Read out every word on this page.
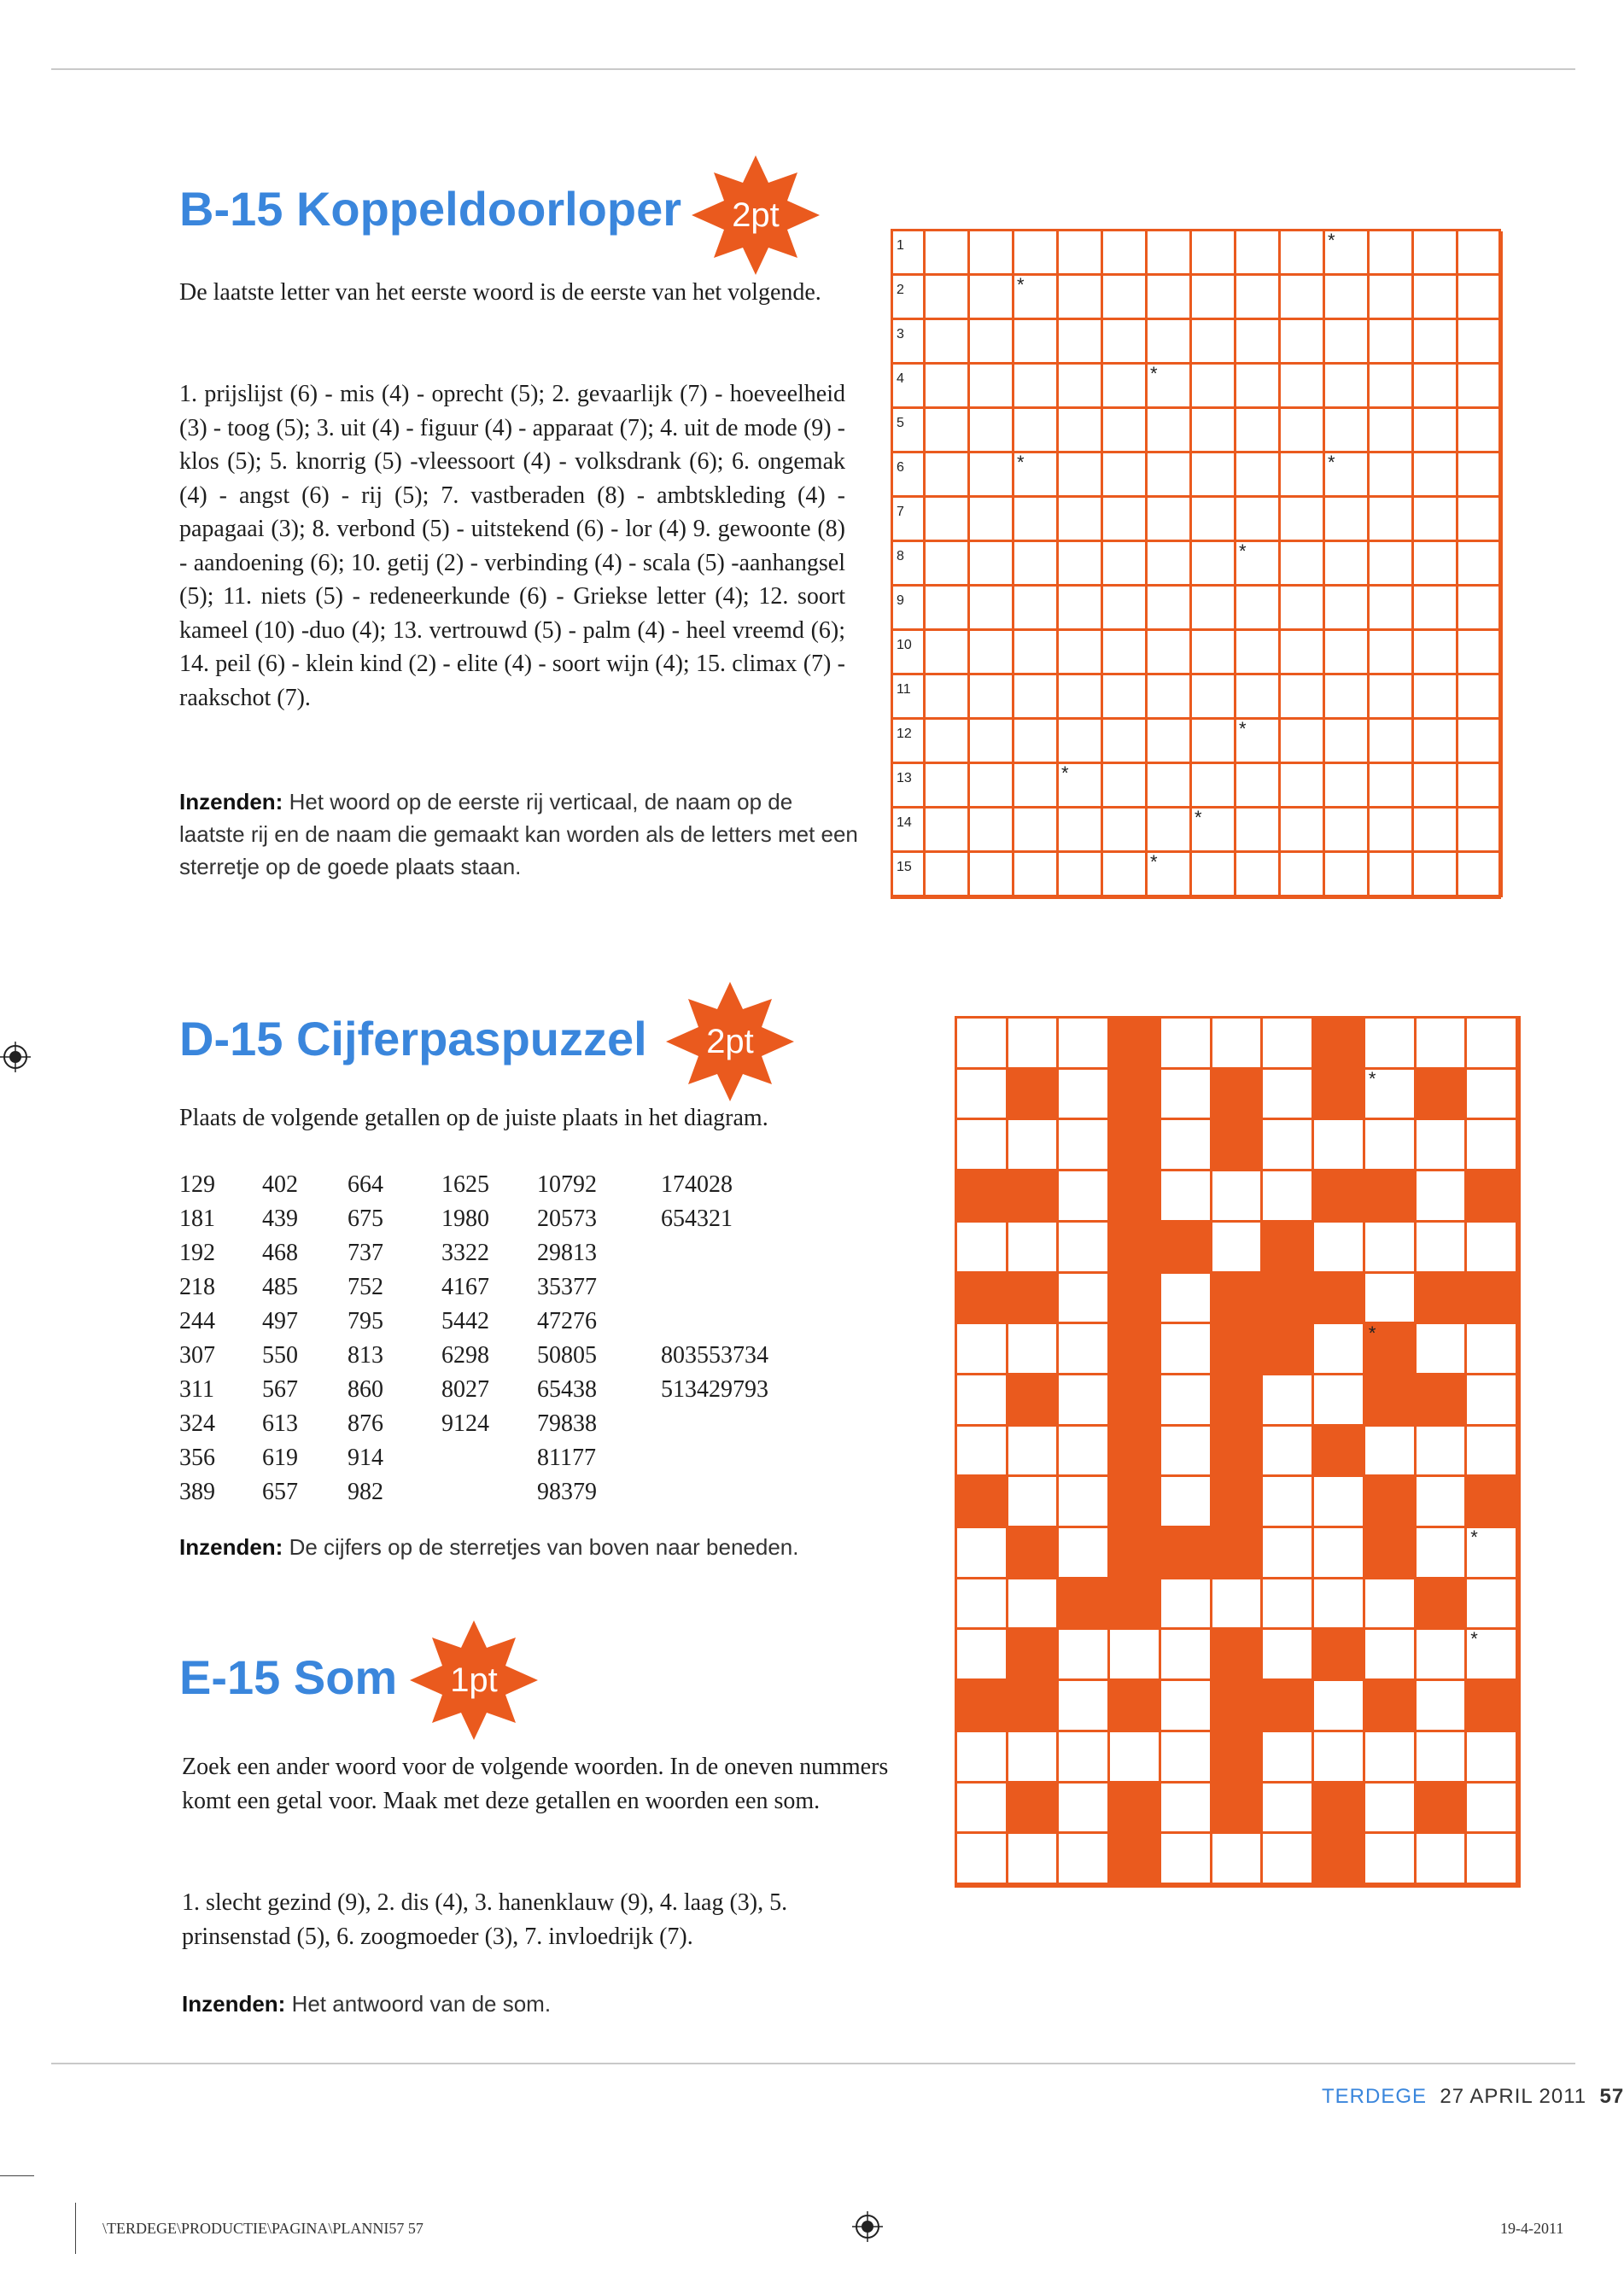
B-15 Koppeldoorloper	2pt

De laatste letter van het eerste woord is de eerste van het volgende.

1. prijslijst (6) - mis (4) - oprecht (5); 2. gevaarlijk (7) - hoeveelheid (3) - toog (5); 3. uit (4) - figuur (4) - apparaat (7); 4. uit de mode (9) - klos (5); 5. knorrig (5) -vleessoort (4) - volksdrank (6); 6. ongemak (4) - angst (6) - rij (5); 7. vastberaden (8) - ambtskleding (4) - papagaai (3); 8. verbond (5) - uitstekend (6) - lor (4) 9. gewoonte (8) - aandoening (6); 10. getij (2) - verbinding (4) - scala (5) -aanhangsel (5); 11. niets (5) - redeneerkunde (6) - Griekse letter (4); 12. soort kameel (10) -duo (4); 13. vertrouwd (5) - palm (4) - heel vreemd (6); 14. peil (6) - klein kind (2) - elite (4) - soort wijn (4); 15. climax (7) - raakschot (7).

Inzenden: Het woord op de eerste rij verticaal, de naam op de laatste rij en de naam die gemaakt kan worden als de letters met een sterretje op de goede plaats staan.

1	*
2	*
3
4	*
5
6	*	*
7
8	*
9
10
11
12	*
13	*
14	*
15	*
D-15 Cijferpaspuzzel	2pt

Plaats de volgende getallen op de juiste plaats in het diagram.

129	402	664	1625	10792	174028
181	439	675	1980	20573	654321
192	468	737	3322	29813	
218	485	752	4167	35377	
244	497	795	5442	47276	
307	550	813	6298	50805	803553734
311	567	860	8027	65438	513429793
324	613	876	9124	79838	
356	619	914		81177	
389	657	982		98379	

Inzenden: De cijfers op de sterretjes van boven naar beneden.

*
*
*
*
E-15 Som	1pt

Zoek een ander woord voor de volgende woorden. In de oneven nummers komt een getal voor. Maak met deze getallen en woorden een som.

1. slecht gezind (9), 2. dis (4), 3. hanenklauw (9), 4. laag (3), 5. prinsenstad (5), 6. zoogmoeder (3), 7. invloedrijk (7).

Inzenden: Het antwoord van de som.

TERDEGE 27 APRIL 2011 57
\TERDEGE\PRODUCTIE\PAGINA\PLANNI57 57	19-4-2011
